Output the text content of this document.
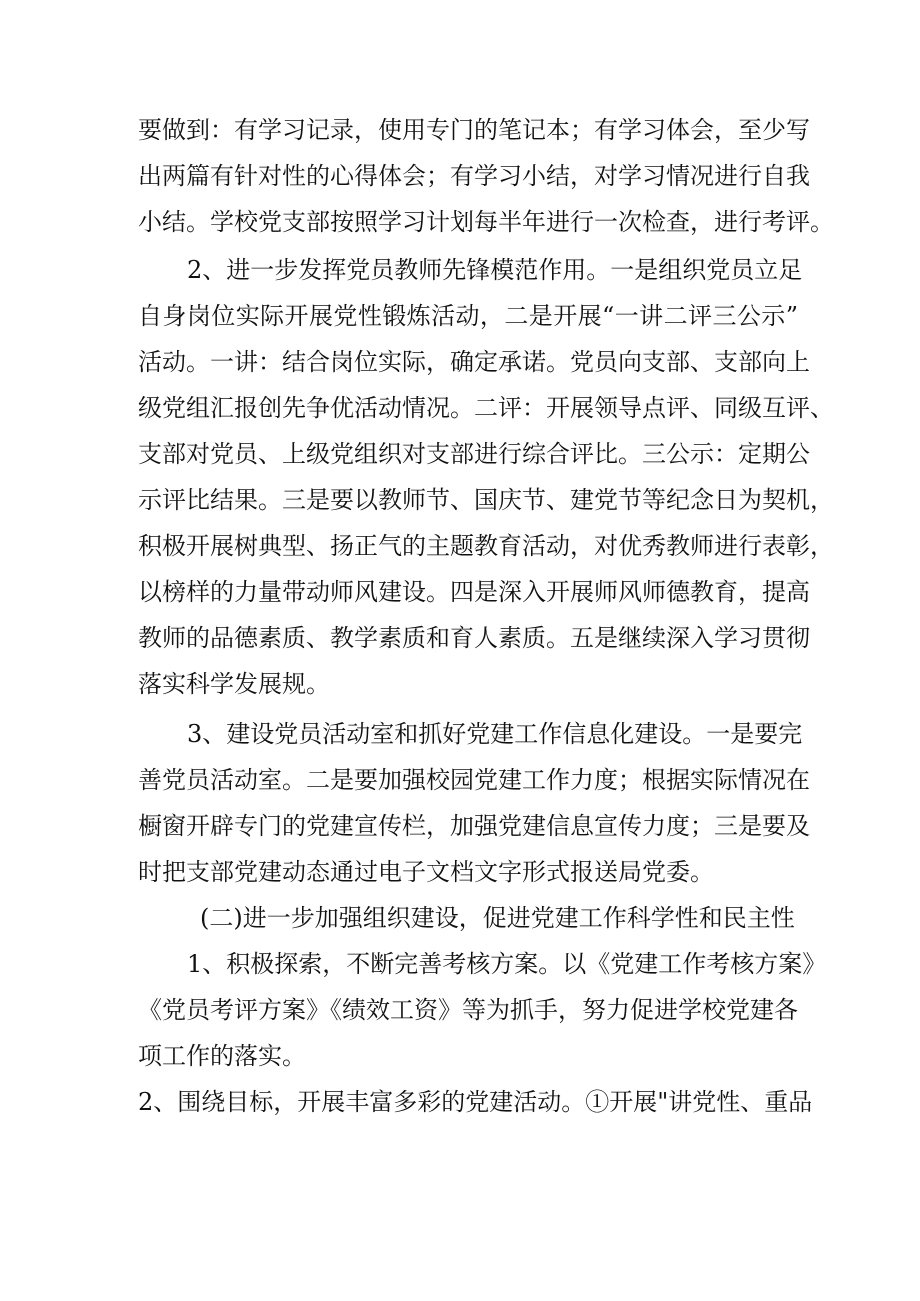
要做到：有学习记录，使用专门的笔记本；有学习体会，至少写
出两篇有针对性的心得体会；有学习小结，对学习情况进行自我
小结。学校党支部按照学习计划每半年进行一次检查，进行考评。
2、进一步发挥党员教师先锋模范作用。一是组织党员立足
自身岗位实际开展党性锻炼活动，二是开展“一讲二评三公示”
活动。一讲：结合岗位实际，确定承诺。党员向支部、支部向上
级党组汇报创先争优活动情况。二评：开展领导点评、同级互评、
支部对党员、上级党组织对支部进行综合评比。三公示：定期公
示评比结果。三是要以教师节、国庆节、建党节等纪念日为契机，
积极开展树典型、扬正气的主题教育活动，对优秀教师进行表彰，
以榜样的力量带动师风建设。四是深入开展师风师德教育，提高
教师的品德素质、教学素质和育人素质。五是继续深入学习贯彻
落实科学发展规。
3、建设党员活动室和抓好党建工作信息化建设。一是要完
善党员活动室。二是要加强校园党建工作力度；根据实际情况在
橱窗开辟专门的党建宣传栏，加强党建信息宣传力度；三是要及
时把支部党建动态通过电子文档文字形式报送局党委。
(二)进一步加强组织建设，促进党建工作科学性和民主性
1、积极探索，不断完善考核方案。以《党建工作考核方案》
《党员考评方案》《绩效工资》等为抓手，努力促进学校党建各
项工作的落实。
2、围绕目标，开展丰富多彩的党建活动。①开展"讲党性、重品
